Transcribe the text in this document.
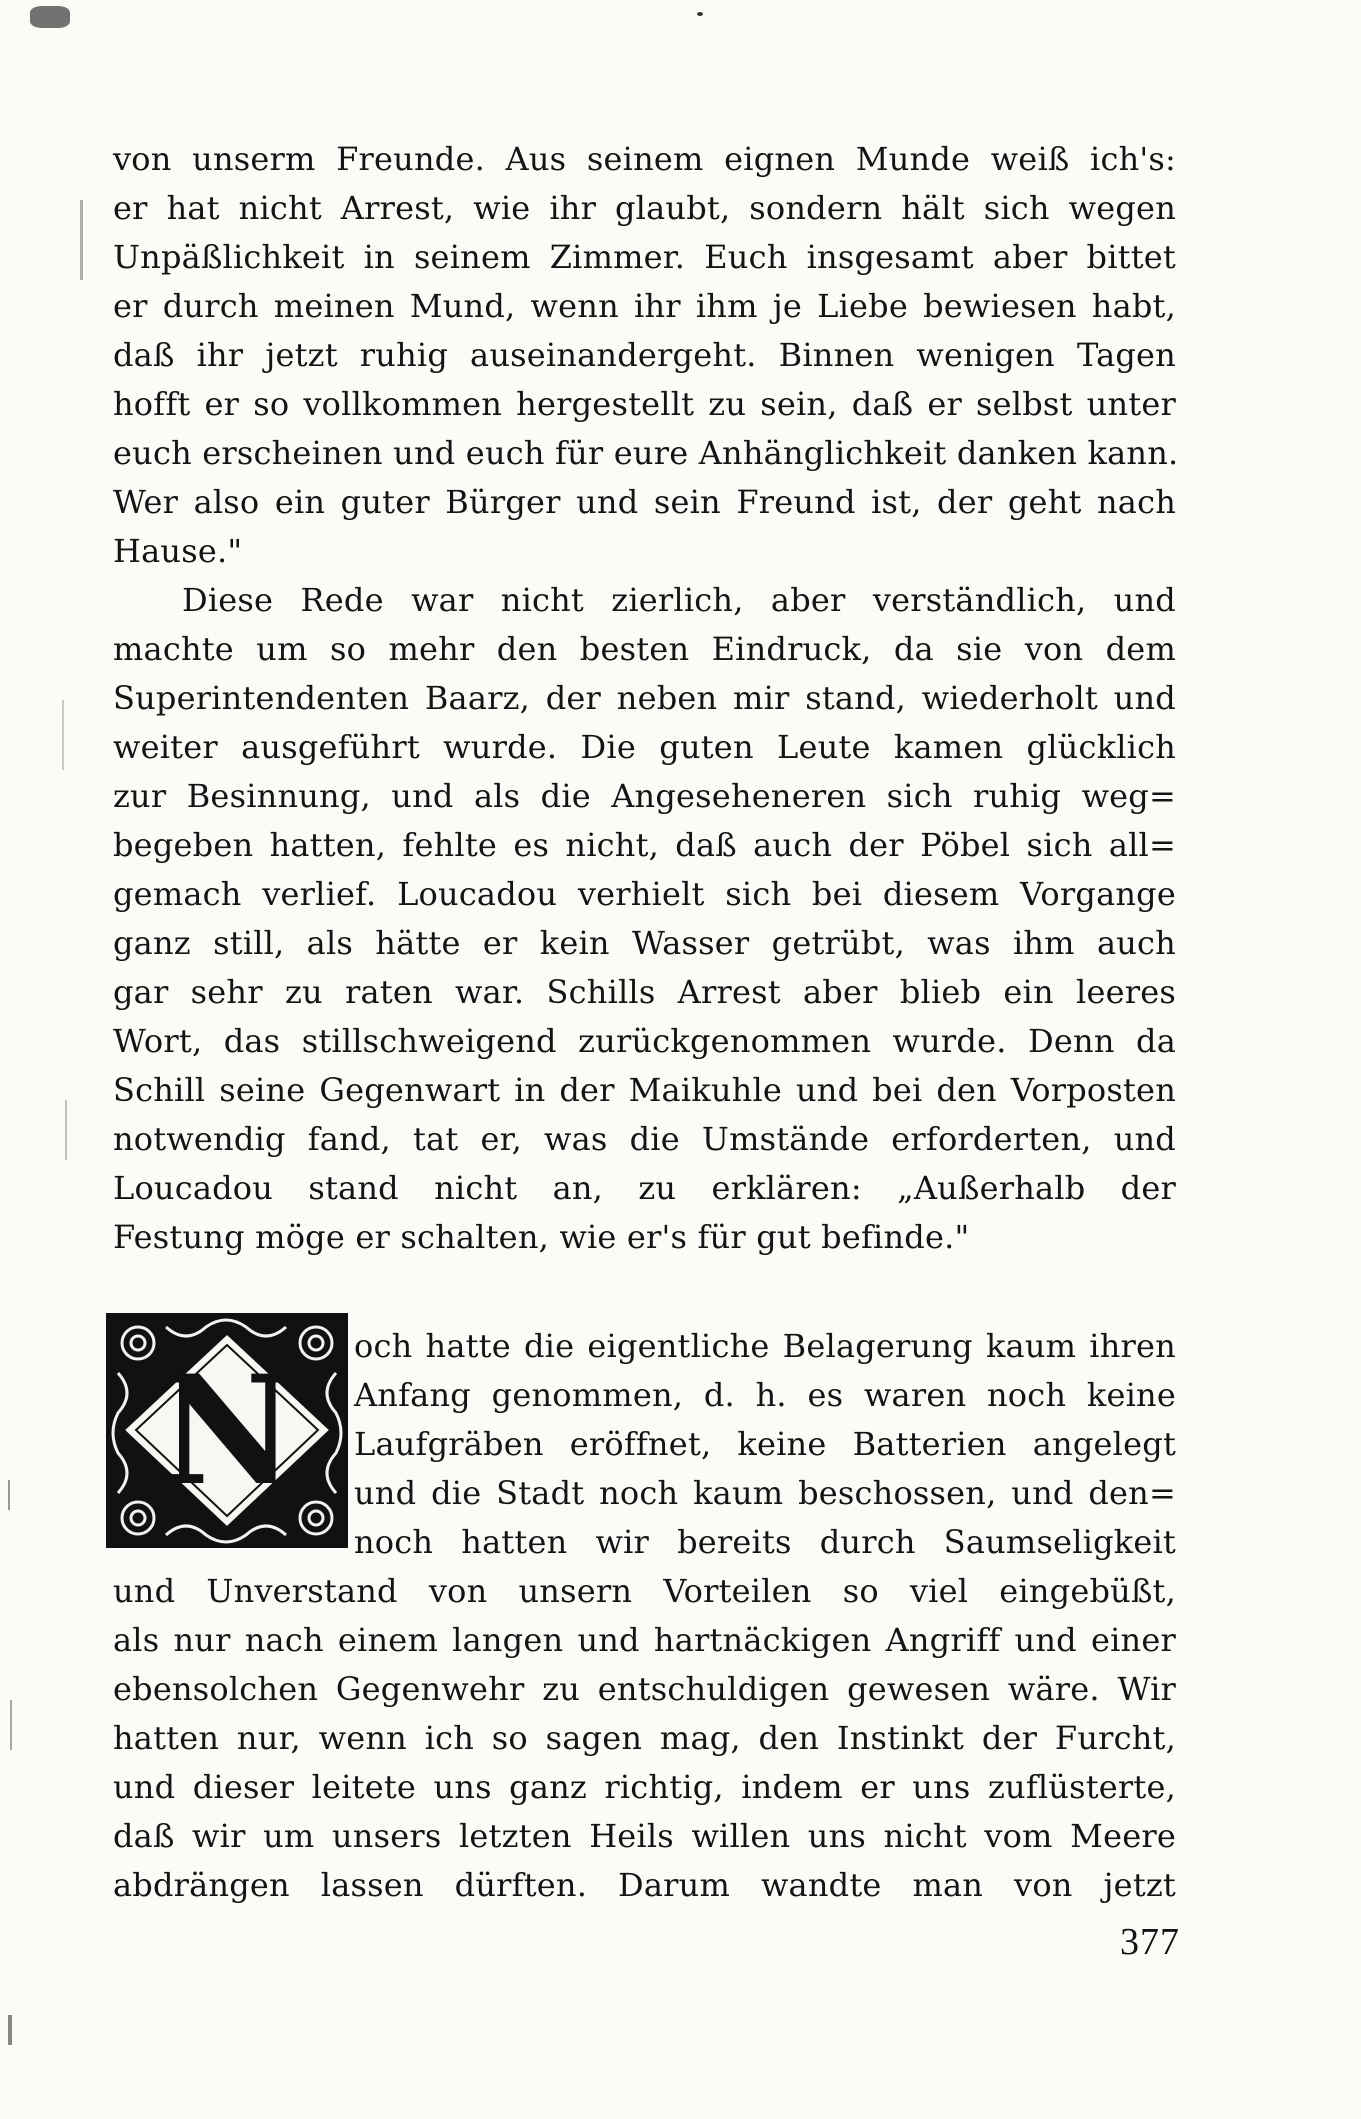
von unserm Freunde. Aus seinem eignen Munde weiß ich's:
er hat nicht Arrest, wie ihr glaubt, sondern hält sich wegen
Unpäßlichkeit in seinem Zimmer. Euch insgesamt aber bittet
er durch meinen Mund, wenn ihr ihm je Liebe bewiesen habt,
daß ihr jetzt ruhig auseinandergeht. Binnen wenigen Tagen
hofft er so vollkommen hergestellt zu sein, daß er selbst unter
euch erscheinen und euch für eure Anhänglichkeit danken kann.
Wer also ein guter Bürger und sein Freund ist, der geht nach
Hause."
Diese Rede war nicht zierlich, aber verständlich, und
machte um so mehr den besten Eindruck, da sie von dem
Superintendenten Baarz, der neben mir stand, wiederholt und
weiter ausgeführt wurde. Die guten Leute kamen glücklich
zur Besinnung, und als die Angeseheneren sich ruhig weg=
begeben hatten, fehlte es nicht, daß auch der Pöbel sich all=
gemach verlief. Loucadou verhielt sich bei diesem Vorgange
ganz still, als hätte er kein Wasser getrübt, was ihm auch
gar sehr zu raten war. Schills Arrest aber blieb ein leeres
Wort, das stillschweigend zurückgenommen wurde. Denn da
Schill seine Gegenwart in der Maikuhle und bei den Vorposten
notwendig fand, tat er, was die Umstände erforderten, und
Loucadou stand nicht an, zu erklären: „Außerhalb der
Festung möge er schalten, wie er's für gut befinde."
N	och hatte die eigentliche Belagerung kaum ihren
Anfang genommen, d. h. es waren noch keine
Laufgräben eröffnet, keine Batterien angelegt
und die Stadt noch kaum beschossen, und den=
noch hatten wir bereits durch Saumseligkeit
und Unverstand von unsern Vorteilen so viel eingebüßt,
als nur nach einem langen und hartnäckigen Angriff und einer
ebensolchen Gegenwehr zu entschuldigen gewesen wäre. Wir
hatten nur, wenn ich so sagen mag, den Instinkt der Furcht,
und dieser leitete uns ganz richtig, indem er uns zuflüsterte,
daß wir um unsers letzten Heils willen uns nicht vom Meere
abdrängen lassen dürften. Darum wandte man von jetzt
377
